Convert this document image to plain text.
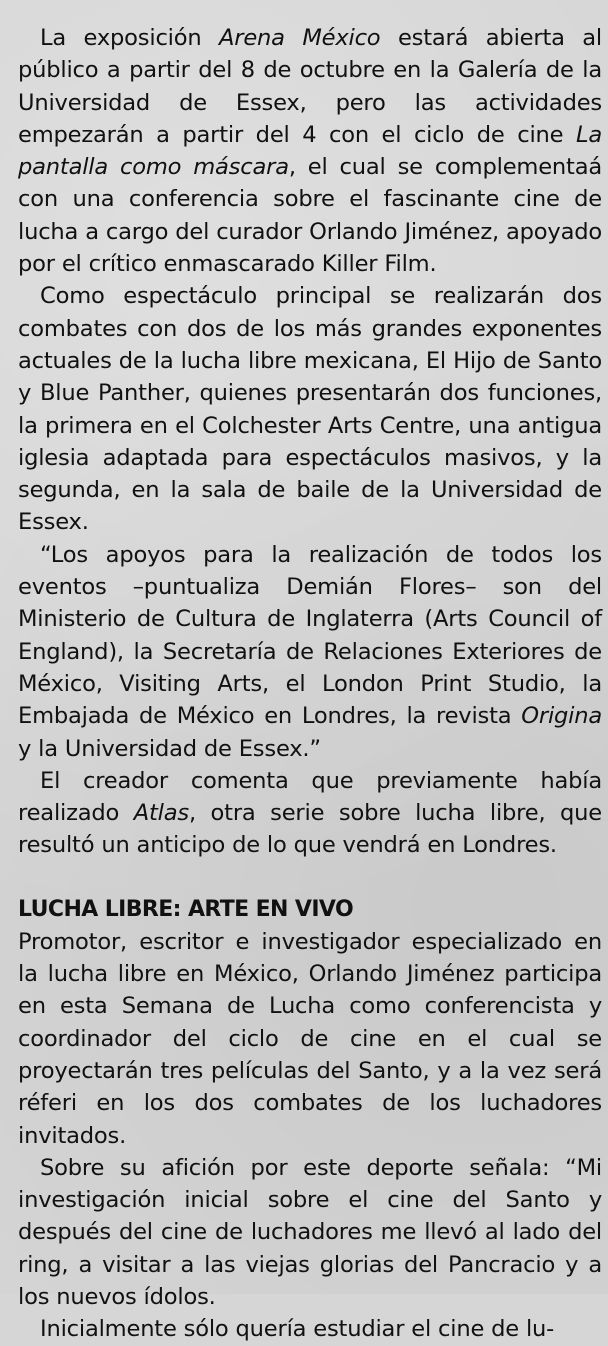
La exposición Arena México estará abierta al público a partir del 8 de octubre en la Galería de la Universidad de Essex, pero las actividades empezarán a partir del 4 con el ciclo de cine La pantalla como máscara, el cual se complementaá con una conferencia sobre el fascinante cine de lucha a cargo del curador Orlando Jiménez, apoyado por el crítico enmascarado Killer Film.

Como espectáculo principal se realizarán dos combates con dos de los más grandes exponentes actuales de la lucha libre mexicana, El Hijo de Santo y Blue Panther, quienes presentarán dos funciones, la primera en el Colchester Arts Centre, una antigua iglesia adaptada para espectáculos masivos, y la segunda, en la sala de baile de la Universidad de Essex.

“Los apoyos para la realización de todos los eventos –puntualiza Demián Flores– son del Ministerio de Cultura de Inglaterra (Arts Council of England), la Secretaría de Relaciones Exteriores de México, Visiting Arts, el London Print Studio, la Embajada de México en Londres, la revista Origina y la Universidad de Essex.”

El creador comenta que previamente había realizado Atlas, otra serie sobre lucha libre, que resultó un anticipo de lo que vendrá en Londres.

LUCHA LIBRE: ARTE EN VIVO

Promotor, escritor e investigador especializado en la lucha libre en México, Orlando Jiménez participa en esta Semana de Lucha como conferencista y coordinador del ciclo de cine en el cual se proyectarán tres películas del Santo, y a la vez será réferi en los dos combates de los luchadores invitados.

Sobre su afición por este deporte señala: “Mi investigación inicial sobre el cine del Santo y después del cine de luchadores me llevó al lado del ring, a visitar a las viejas glorias del Pancracio y a los nuevos ídolos.

Inicialmente sólo quería estudiar el cine de lu-
